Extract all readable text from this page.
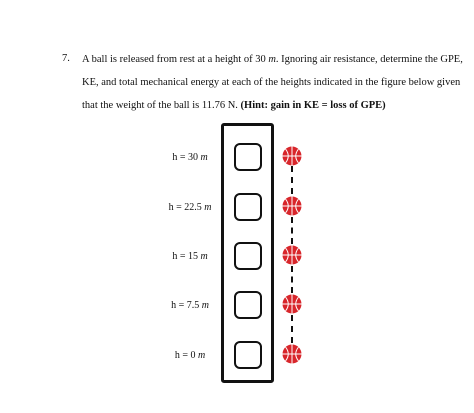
7. A ball is released from rest at a height of 30 m. Ignoring air resistance, determine the GPE,
KE, and total mechanical energy at each of the heights indicated in the figure below given
that the weight of the ball is 11.76 N. (Hint: gain in KE = loss of GPE)
h = 30 m
h = 22.5 m
h = 15 m
h = 7.5 m
h = 0 m
